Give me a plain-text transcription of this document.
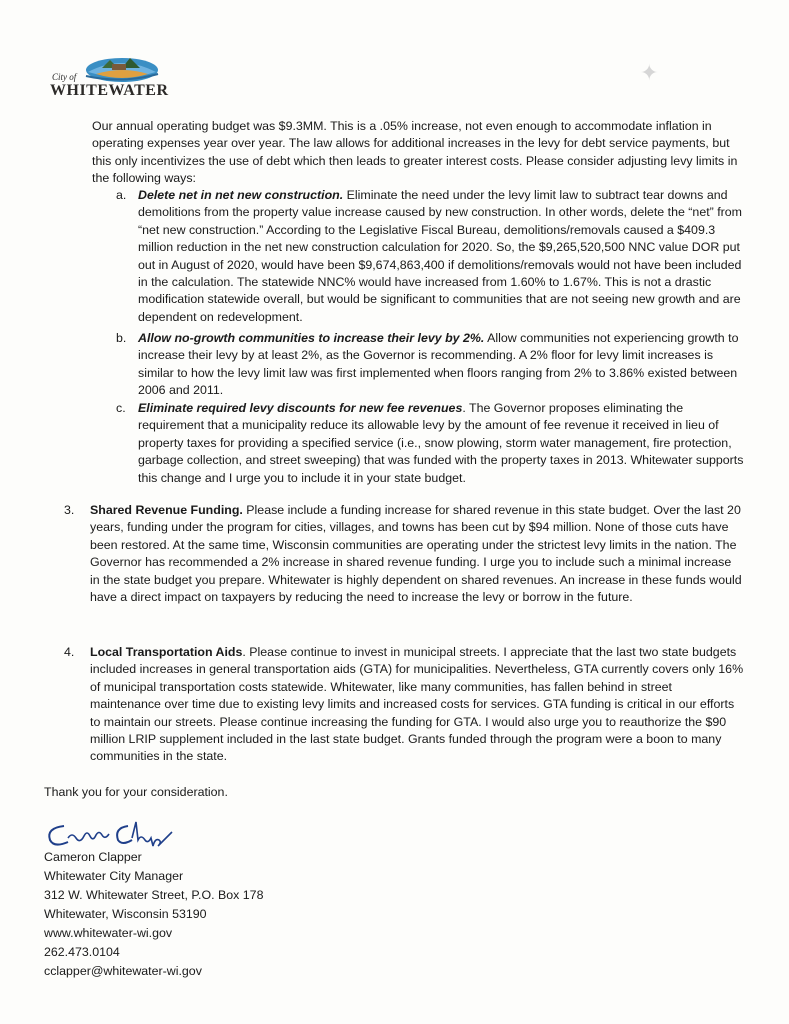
✦
City of
WHITEWATER

Our annual operating budget was $9.3MM. This is a .05% increase, not even enough to accommodate inflation in operating expenses year over year. The law allows for additional increases in the levy for debt service payments, but this only incentivizes the use of debt which then leads to greater interest costs. Please consider adjusting levy limits in the following ways:

a. Delete net in net new construction. Eliminate the need under the levy limit law to subtract tear downs and demolitions from the property value increase caused by new construction. In other words, delete the “net” from “net new construction.” According to the Legislative Fiscal Bureau, demolitions/removals caused a $409.3 million reduction in the net new construction calculation for 2020. So, the $9,265,520,500 NNC value DOR put out in August of 2020, would have been $9,674,863,400 if demolitions/removals would not have been included in the calculation. The statewide NNC% would have increased from 1.60% to 1.67%. This is not a drastic modification statewide overall, but would be significant to communities that are not seeing new growth and are dependent on redevelopment.
b. Allow no-growth communities to increase their levy by 2%. Allow communities not experiencing growth to increase their levy by at least 2%, as the Governor is recommending. A 2% floor for levy limit increases is similar to how the levy limit law was first implemented when floors ranging from 2% to 3.86% existed between 2006 and 2011.
c. Eliminate required levy discounts for new fee revenues. The Governor proposes eliminating the requirement that a municipality reduce its allowable levy by the amount of fee revenue it received in lieu of property taxes for providing a specified service (i.e., snow plowing, storm water management, fire protection, garbage collection, and street sweeping) that was funded with the property taxes in 2013. Whitewater supports this change and I urge you to include it in your state budget.
3. Shared Revenue Funding. Please include a funding increase for shared revenue in this state budget. Over the last 20 years, funding under the program for cities, villages, and towns has been cut by $94 million. None of those cuts have been restored. At the same time, Wisconsin communities are operating under the strictest levy limits in the nation. The Governor has recommended a 2% increase in shared revenue funding. I urge you to include such a minimal increase in the state budget you prepare. Whitewater is highly dependent on shared revenues. An increase in these funds would have a direct impact on taxpayers by reducing the need to increase the levy or borrow in the future.
4. Local Transportation Aids. Please continue to invest in municipal streets. I appreciate that the last two state budgets included increases in general transportation aids (GTA) for municipalities. Nevertheless, GTA currently covers only 16% of municipal transportation costs statewide. Whitewater, like many communities, has fallen behind in street maintenance over time due to existing levy limits and increased costs for services. GTA funding is critical in our efforts to maintain our streets. Please continue increasing the funding for GTA. I would also urge you to reauthorize the $90 million LRIP supplement included in the last state budget. Grants funded through the program were a boon to many communities in the state.
Thank you for your consideration.
Cameron Clapper
Whitewater City Manager
312 W. Whitewater Street, P.O. Box 178
Whitewater, Wisconsin 53190
www.whitewater-wi.gov
262.473.0104
cclapper@whitewater-wi.gov
